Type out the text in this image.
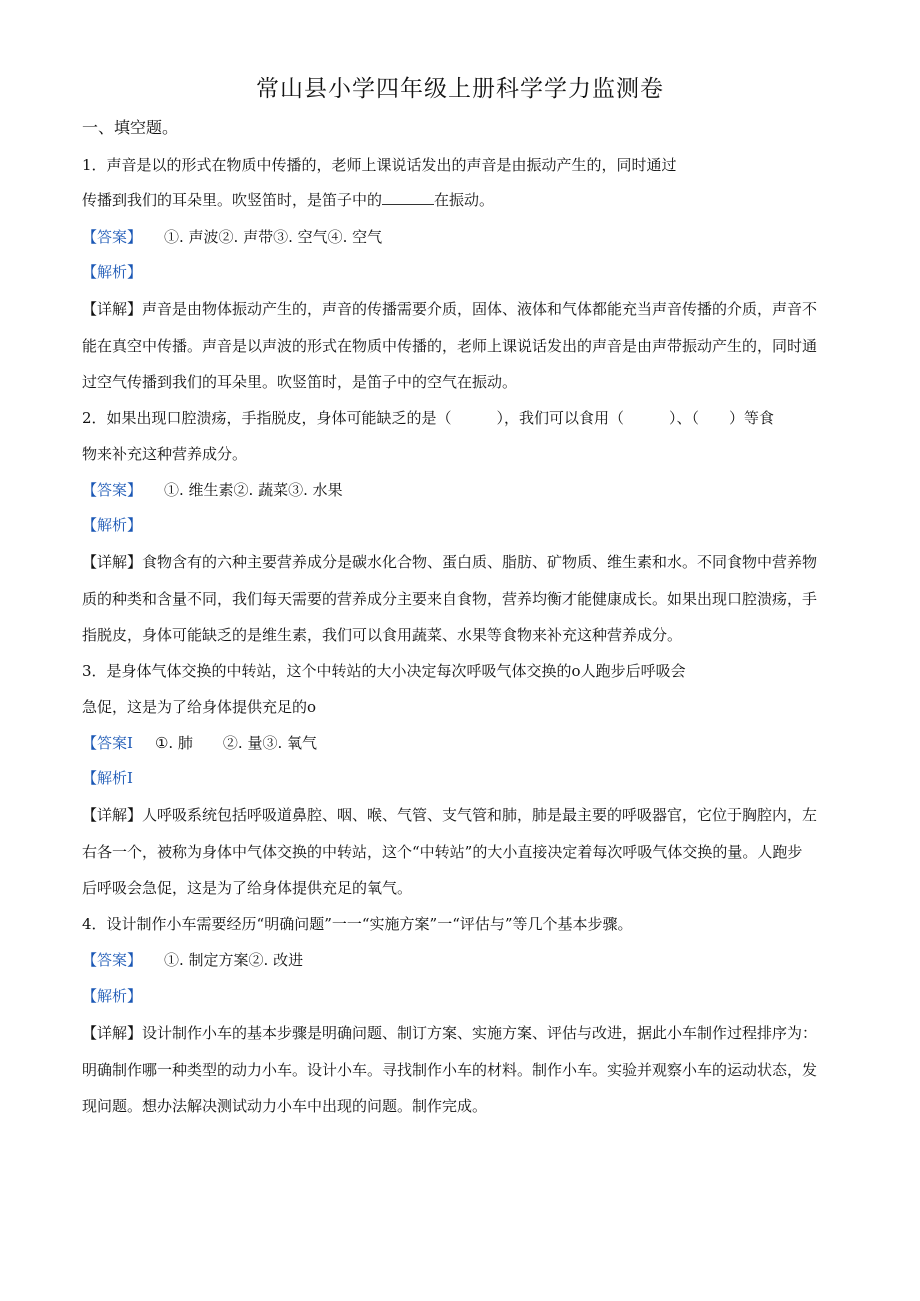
常山县小学四年级上册科学学力监测卷
一、填空题。
1．声音是以的形式在物质中传播的，老师上课说话发出的声音是由振动产生的，同时通过
传播到我们的耳朵里。吹竖笛时，是笛子中的	在振动。
【答案】 ①. 声波②. 声带③. 空气④. 空气
【解析】
【详解】声音是由物体振动产生的，声音的传播需要介质，固体、液体和气体都能充当声音传播的介质，声音不
能在真空中传播。声音是以声波的形式在物质中传播的，老师上课说话发出的声音是由声带振动产生的，同时通
过空气传播到我们的耳朵里。吹竖笛时，是笛子中的空气在振动。
2．如果出现口腔溃疡，手指脱皮，身体可能缺乏的是（　　　），我们可以食用（　　　）、（　　）等食
物来补充这种营养成分。
【答案】 ①. 维生素②. 蔬菜③. 水果
【解析】
【详解】食物含有的六种主要营养成分是碳水化合物、蛋白质、脂肪、矿物质、维生素和水。不同食物中营养物
质的种类和含量不同，我们每天需要的营养成分主要来自食物，营养均衡才能健康成长。如果出现口腔溃疡，手
指脱皮，身体可能缺乏的是维生素，我们可以食用蔬菜、水果等食物来补充这种营养成分。
3．是身体气体交换的中转站，这个中转站的大小决定每次呼吸气体交换的o人跑步后呼吸会
急促，这是为了给身体提供充足的o
【答案I ①. 肺　　②. 量③. 氧气
【解析I
【详解】人呼吸系统包括呼吸道鼻腔、咽、喉、气管、支气管和肺，肺是最主要的呼吸器官，它位于胸腔内，左
右各一个，被称为身体中气体交换的中转站，这个“中转站”的大小直接决定着每次呼吸气体交换的量。人跑步
后呼吸会急促，这是为了给身体提供充足的氧气。
4．设计制作小车需要经历“明确问题”一一“实施方案”一“评估与”等几个基本步骤。
【答案】 ①. 制定方案②. 改进
【解析】
【详解】设计制作小车的基本步骤是明确问题、制订方案、实施方案、评估与改进，据此小车制作过程排序为：
明确制作哪一种类型的动力小车。设计小车。寻找制作小车的材料。制作小车。实验并观察小车的运动状态，发
现问题。想办法解决测试动力小车中出现的问题。制作完成。
